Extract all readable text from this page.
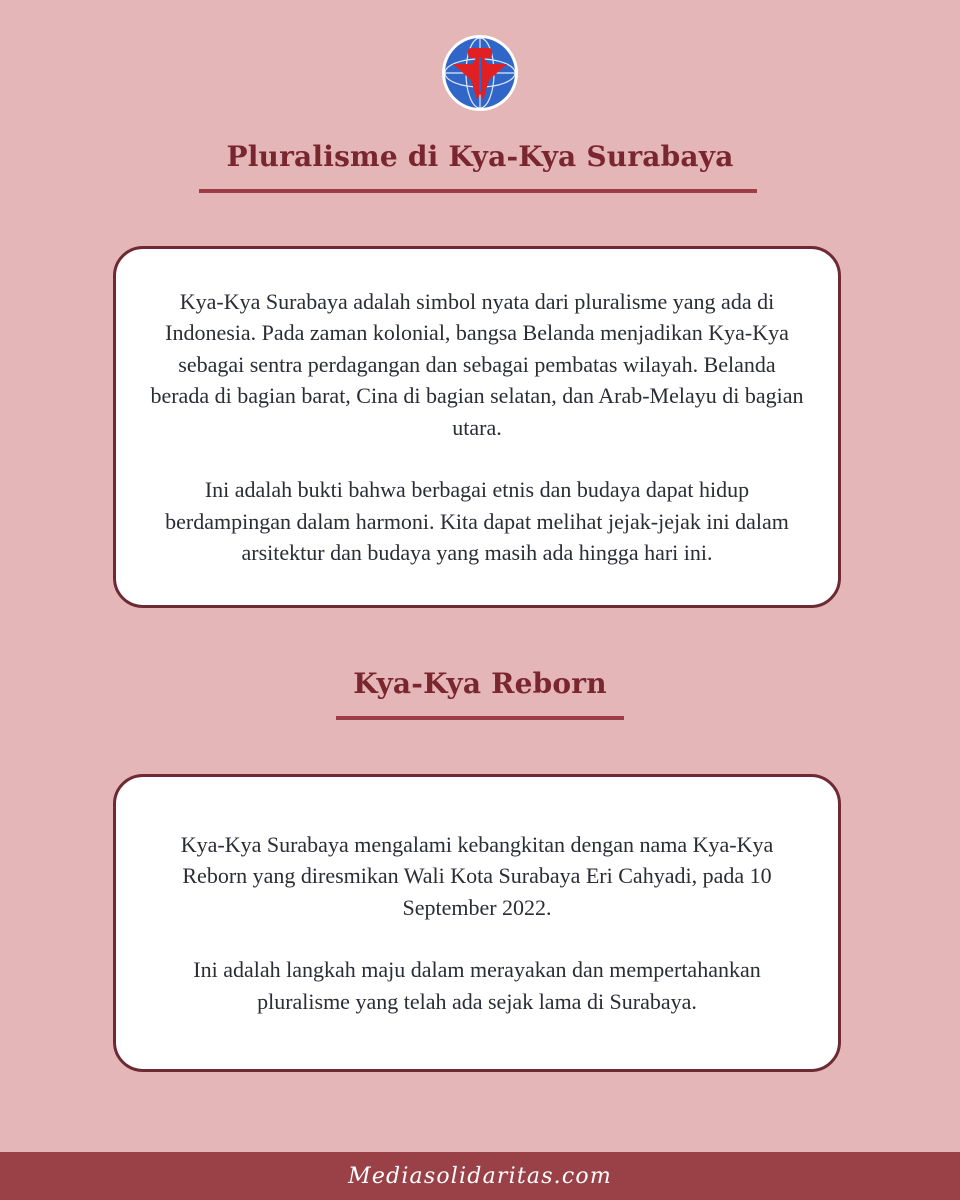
Pluralisme di Kya-Kya Surabaya

Kya-Kya Surabaya adalah simbol nyata dari pluralisme yang ada di Indonesia. Pada zaman kolonial, bangsa Belanda menjadikan Kya-Kya sebagai sentra perdagangan dan sebagai pembatas wilayah. Belanda berada di bagian barat, Cina di bagian selatan, dan Arab-Melayu di bagian utara.

Ini adalah bukti bahwa berbagai etnis dan budaya dapat hidup berdampingan dalam harmoni. Kita dapat melihat jejak-jejak ini dalam arsitektur dan budaya yang masih ada hingga hari ini.

Kya-Kya Reborn

Kya-Kya Surabaya mengalami kebangkitan dengan nama Kya-Kya Reborn yang diresmikan Wali Kota Surabaya Eri Cahyadi, pada 10 September 2022.

Ini adalah langkah maju dalam merayakan dan mempertahankan pluralisme yang telah ada sejak lama di Surabaya.

Mediasolidaritas.com
